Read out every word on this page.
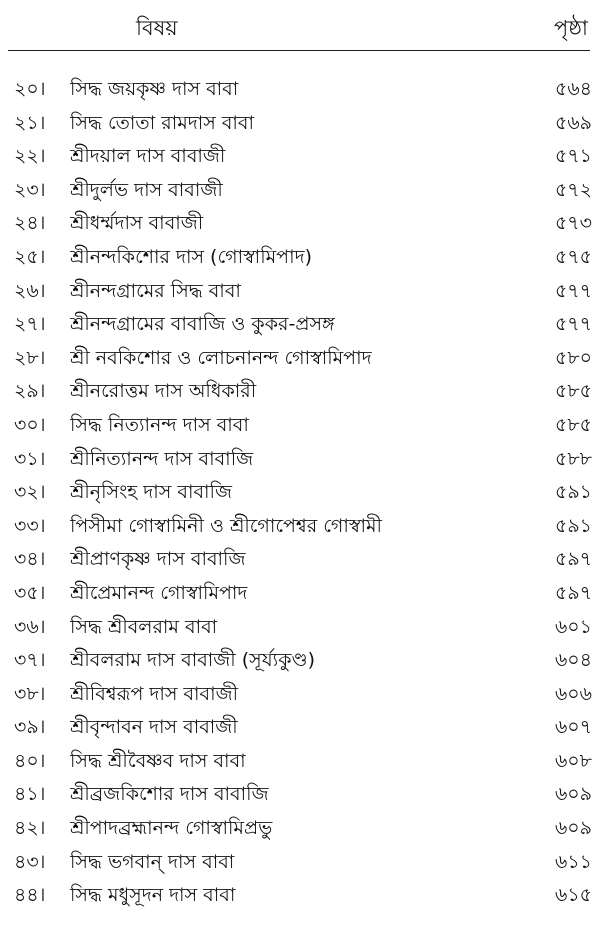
বিষয়	পৃষ্ঠা
২০।	সিদ্ধ জয়কৃষ্ণ দাস বাবা	৫৬৪
২১।	সিদ্ধ তোতা রামদাস বাবা	৫৬৯
২২।	শ্রীদয়াল দাস বাবাজী	৫৭১
২৩।	শ্রীদুর্লভ দাস বাবাজী	৫৭২
২৪।	শ্রীধর্ম্মদাস বাবাজী	৫৭৩
২৫।	শ্রীনন্দকিশোর দাস (গোস্বামিপাদ)	৫৭৫
২৬।	শ্রীনন্দগ্রামের সিদ্ধ বাবা	৫৭৭
২৭।	শ্রীনন্দগ্রামের বাবাজি ও কুকর-প্রসঙ্গ	৫৭৭
২৮।	শ্রী নবকিশোর ও লোচনানন্দ গোস্বামিপাদ	৫৮০
২৯।	শ্রীনরোত্তম দাস অধিকারী	৫৮৫
৩০।	সিদ্ধ নিত্যানন্দ দাস বাবা	৫৮৫
৩১।	শ্রীনিত্যানন্দ দাস বাবাজি	৫৮৮
৩২।	শ্রীনৃসিংহ দাস বাবাজি	৫৯১
৩৩।	পিসীমা গোস্বামিনী ও শ্রীগোপেশ্বর গোস্বামী	৫৯১
৩৪।	শ্রীপ্রাণকৃষ্ণ দাস বাবাজি	৫৯৭
৩৫।	শ্রীপ্রেমানন্দ গোস্বামিপাদ	৫৯৭
৩৬।	সিদ্ধ শ্রীবলরাম বাবা	৬০১
৩৭।	শ্রীবলরাম দাস বাবাজী (সূর্য্যকুণ্ড)	৬০৪
৩৮।	শ্রীবিশ্বরূপ দাস বাবাজী	৬০৬
৩৯।	শ্রীবৃন্দাবন দাস বাবাজী	৬০৭
৪০।	সিদ্ধ শ্রীবৈষ্ণব দাস বাবা	৬০৮
৪১।	শ্রীব্রজকিশোর দাস বাবাজি	৬০৯
৪২।	শ্রীপাদব্রহ্মানন্দ গোস্বামিপ্রভু	৬০৯
৪৩।	সিদ্ধ ভগবান্ দাস বাবা	৬১১
৪৪।	সিদ্ধ মধুসূদন দাস বাবা	৬১৫
